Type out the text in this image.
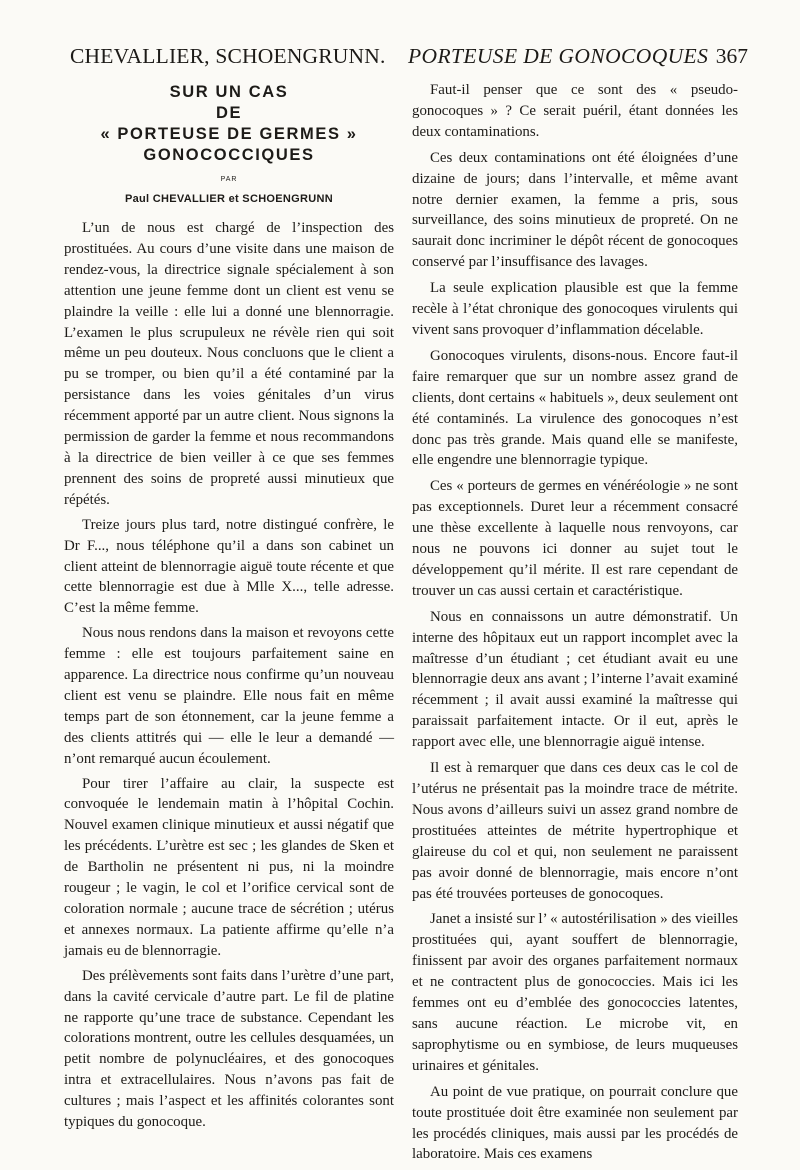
CHEVALLIER, SCHOENGRUNN. PORTEUSE DE GONOCOQUES 367
SUR UN CAS
DE
« PORTEUSE DE GERMES »
GONOCOCCIQUES
PAR
Paul CHEVALLIER et SCHOENGRUNN

L’un de nous est chargé de l’inspection des prostituées. Au cours d’une visite dans une maison de rendez-vous, la directrice signale spécialement à son attention une jeune femme dont un client est venu se plaindre la veille : elle lui a donné une blennorragie. L’examen le plus scrupuleux ne révèle rien qui soit même un peu douteux. Nous concluons que le client a pu se tromper, ou bien qu’il a été contaminé par la persistance dans les voies génitales d’un virus récemment apporté par un autre client. Nous signons la permission de garder la femme et nous recommandons à la directrice de bien veiller à ce que ses femmes prennent des soins de propreté aussi minutieux que répétés.

Treize jours plus tard, notre distingué confrère, le Dr F..., nous téléphone qu’il a dans son cabinet un client atteint de blennorragie aiguë toute récente et que cette blennorragie est due à Mlle X..., telle adresse. C’est la même femme.

Nous nous rendons dans la maison et revoyons cette femme : elle est toujours parfaitement saine en apparence. La directrice nous confirme qu’un nouveau client est venu se plaindre. Elle nous fait en même temps part de son étonnement, car la jeune femme a des clients attitrés qui — elle le leur a demandé — n’ont remarqué aucun écoulement.

Pour tirer l’affaire au clair, la suspecte est convoquée le lendemain matin à l’hôpital Cochin. Nouvel examen clinique minutieux et aussi négatif que les précédents. L’urètre est sec ; les glandes de Sken et de Bartholin ne présentent ni pus, ni la moindre rougeur ; le vagin, le col et l’orifice cervical sont de coloration normale ; aucune trace de sécrétion ; utérus et annexes normaux. La patiente affirme qu’elle n’a jamais eu de blennorragie.

Des prélèvements sont faits dans l’urètre d’une part, dans la cavité cervicale d’autre part. Le fil de platine ne rapporte qu’une trace de substance. Cependant les colorations montrent, outre les cellules desquamées, un petit nombre de polynucléaires, et des gonocoques intra et extracellulaires. Nous n’avons pas fait de cultures ; mais l’aspect et les affinités colorantes sont typiques du gonocoque.

Faut-il penser que ce sont des « pseudo-gonocoques » ? Ce serait puéril, étant données les deux contaminations.

Ces deux contaminations ont été éloignées d’une dizaine de jours; dans l’intervalle, et même avant notre dernier examen, la femme a pris, sous surveillance, des soins minutieux de propreté. On ne saurait donc incriminer le dépôt récent de gonocoques conservé par l’insuffisance des lavages.

La seule explication plausible est que la femme recèle à l’état chronique des gonocoques virulents qui vivent sans provoquer d’inflammation décelable.

Gonocoques virulents, disons-nous. Encore faut-il faire remarquer que sur un nombre assez grand de clients, dont certains « habituels », deux seulement ont été contaminés. La virulence des gonocoques n’est donc pas très grande. Mais quand elle se manifeste, elle engendre une blennorragie typique.

Ces « porteurs de germes en vénéréologie » ne sont pas exceptionnels. Duret leur a récemment consacré une thèse excellente à laquelle nous renvoyons, car nous ne pouvons ici donner au sujet tout le développement qu’il mérite. Il est rare cependant de trouver un cas aussi certain et caractéristique.

Nous en connaissons un autre démonstratif. Un interne des hôpitaux eut un rapport incomplet avec la maîtresse d’un étudiant ; cet étudiant avait eu une blennorragie deux ans avant ; l’interne l’avait examiné récemment ; il avait aussi examiné la maîtresse qui paraissait parfaitement intacte. Or il eut, après le rapport avec elle, une blennorragie aiguë intense.

Il est à remarquer que dans ces deux cas le col de l’utérus ne présentait pas la moindre trace de métrite. Nous avons d’ailleurs suivi un assez grand nombre de prostituées atteintes de métrite hypertrophique et glaireuse du col et qui, non seulement ne paraissent pas avoir donné de blennorragie, mais encore n’ont pas été trouvées porteuses de gonocoques.

Janet a insisté sur l’ « autostérilisation » des vieilles prostituées qui, ayant souffert de blennorragie, finissent par avoir des organes parfaitement normaux et ne contractent plus de gonococcies. Mais ici les femmes ont eu d’emblée des gonococcies latentes, sans aucune réaction. Le microbe vit, en saprophytisme ou en symbiose, de leurs muqueuses urinaires et génitales.

Au point de vue pratique, on pourrait conclure que toute prostituée doit être examinée non seulement par les procédés cliniques, mais aussi par les procédés de laboratoire. Mais ces examens
